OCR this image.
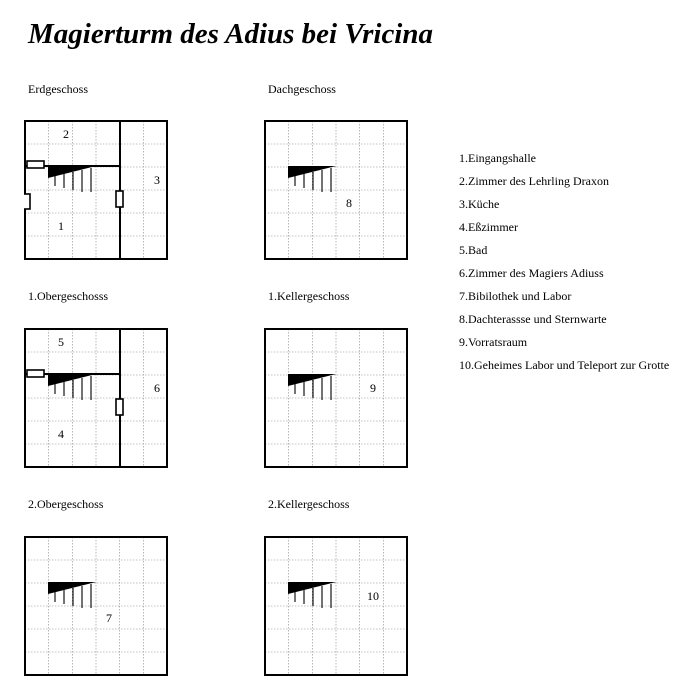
Magierturm des Adius bei Vricina
Erdgeschoss	Dachgeschoss
1.Obergeschosss	1.Kellergeschoss
2.Obergeschoss	2.Kellergeschoss
2
3
1
8
5
6
4
9
7
10
1.Eingangshalle
2.Zimmer des Lehrling Draxon
3.Küche
4.Eßzimmer
5.Bad
6.Zimmer des Magiers Adiuss
7.Bibilothek und Labor
8.Dachterassse und Sternwarte
9.Vorratsraum
10.Geheimes Labor und Teleport zur Grotte
